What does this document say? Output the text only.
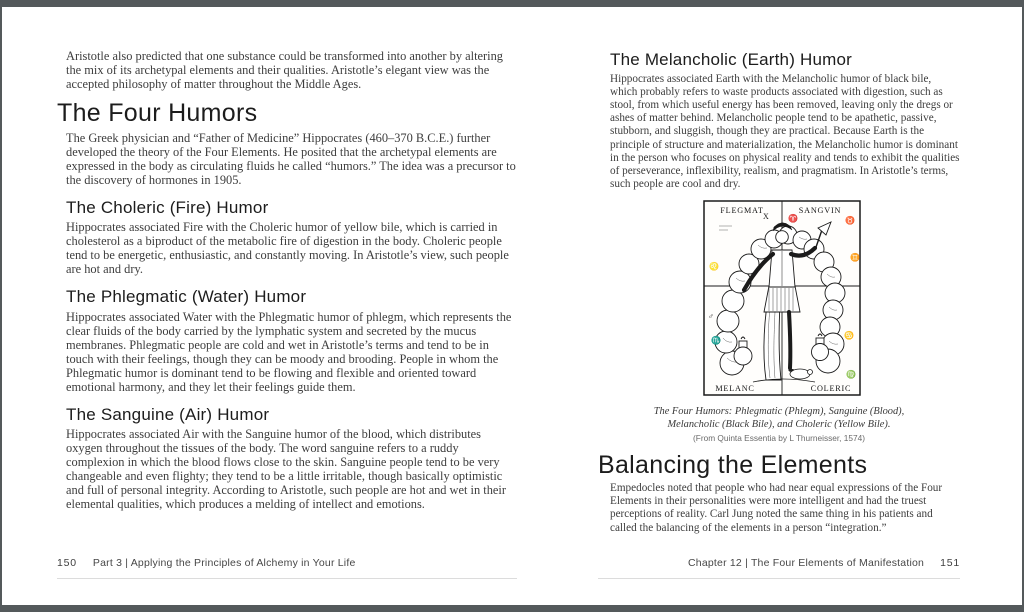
Aristotle also predicted that one substance could be transformed into another by altering the mix of its archetypal elements and their qualities. Aristotle’s elegant view was the accepted philosophy of matter throughout the Middle Ages.

The Four Humors

The Greek physician and “Father of Medicine” Hippocrates (460–370 B.C.E.) further developed the theory of the Four Elements. He posited that the archetypal elements are expressed in the body as circulating fluids he called “humors.” The idea was a precursor to the discovery of hormones in 1905.

The Choleric (Fire) Humor

Hippocrates associated Fire with the Choleric humor of yellow bile, which is carried in cholesterol as a biproduct of the metabolic fire of digestion in the body. Choleric people tend to be energetic, enthusiastic, and constantly moving. In Aristotle’s view, such people are hot and dry.

The Phlegmatic (Water) Humor

Hippocrates associated Water with the Phlegmatic humor of phlegm, which represents the clear fluids of the body carried by the lymphatic system and secreted by the mucus membranes. Phlegmatic people are cold and wet in Aristotle’s terms and tend to be in touch with their feelings, though they can be moody and brooding. People in whom the Phlegmatic humor is dominant tend to be flowing and flexible and oriented toward emotional harmony, and they let their feelings guide them.

The Sanguine (Air) Humor

Hippocrates associated Air with the Sanguine humor of the blood, which distributes oxygen throughout the tissues of the body. The word sanguine refers to a ruddy complexion in which the blood flows close to the skin. Sanguine people tend to be very changeable and even flighty; they tend to be a little irritable, though basically optimistic and full of personal integrity. According to Aristotle, such people are hot and wet in their elemental qualities, which produces a melding of intellect and emotions.

The Melancholic (Earth) Humor

Hippocrates associated Earth with the Melancholic humor of black bile, which probably refers to waste products associated with digestion, such as stool, from which useful energy has been removed, leaving only the dregs or ashes of matter behind. Melancholic people tend to be apathetic, passive, stubborn, and sluggish, though they are practical. Because Earth is the principle of structure and materialization, the Melancholic humor is dominant in the person who focuses on physical reality and tends to exhibit the qualities of perseverance, inflexibility, realism, and pragmatism. In Aristotle’s terms, such people are cool and dry.

FLEGMAT	SANGVIN
MELANC	COLERIC
X ♈	♉
♊
♋
♍
♌
♂
♏

The Four Humors: Phlegmatic (Phlegm), Sanguine (Blood),
Melancholic (Black Bile), and Choleric (Yellow Bile).

(From Quinta Essentia by L Thurneisser, 1574)

Balancing the Elements

Empedocles noted that people who had near equal expressions of the Four Elements in their personalities were more intelligent and had the truest perceptions of reality. Carl Jung noted the same thing in his patients and called the balancing of the elements in a person “integration.”

150 Part 3 | Applying the Principles of Alchemy in Your Life	Chapter 12 | The Four Elements of Manifestation 151
